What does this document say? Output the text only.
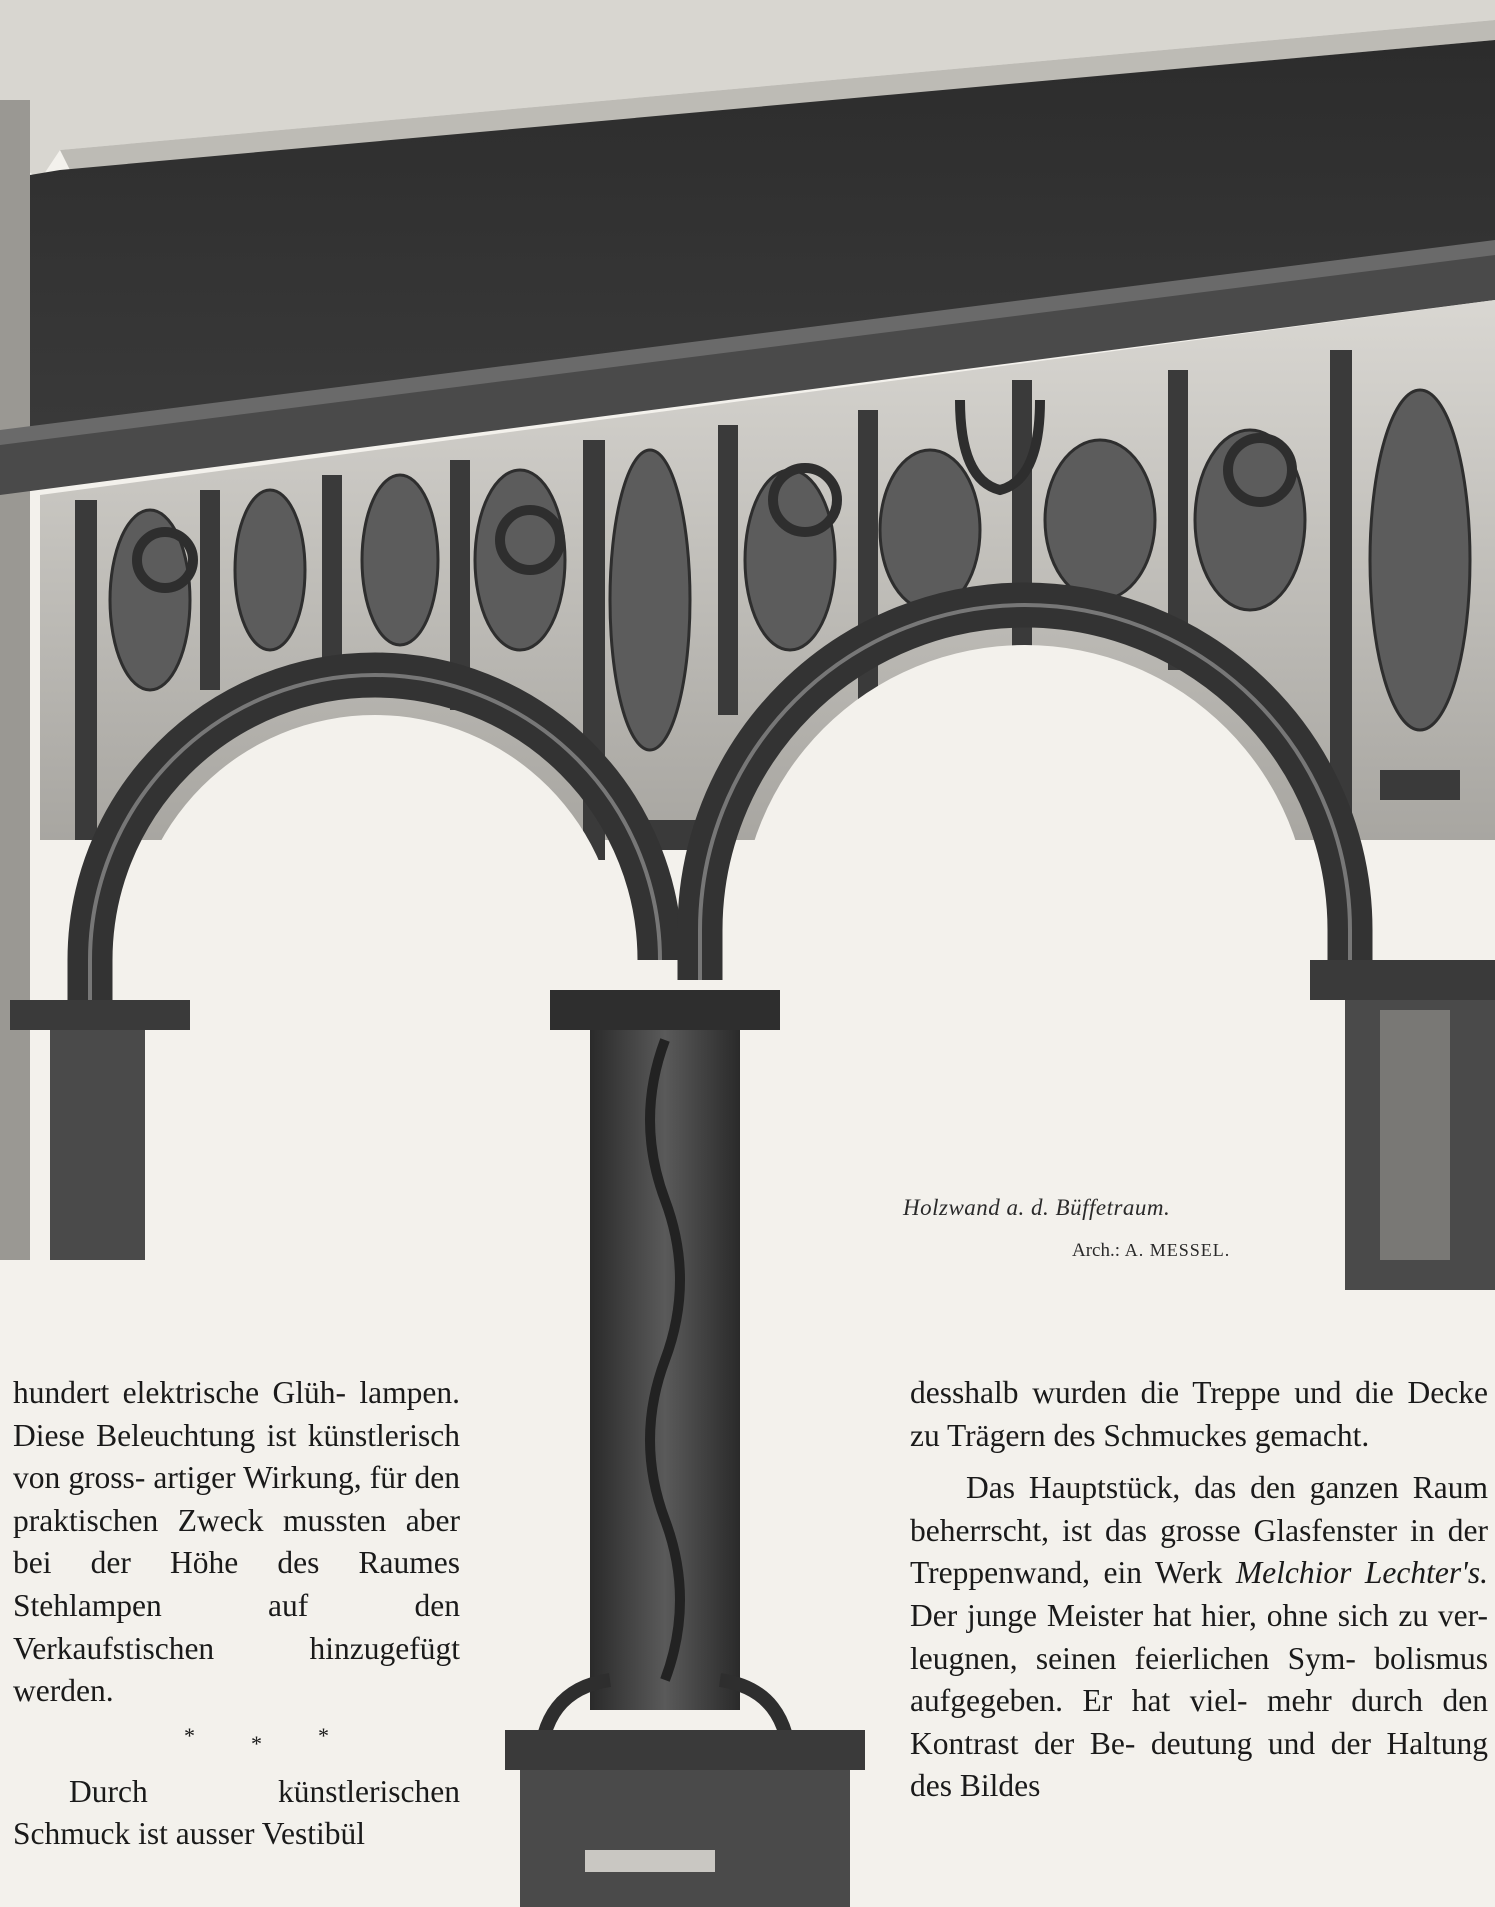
Holzwand a. d. Büffetraum.
Arch.: A. MESSEL.

hundert elektrische Glüh- lampen. Diese Beleuchtung ist künstlerisch von gross- artiger Wirkung, für den praktischen Zweck mussten aber bei der Höhe des Raumes Stehlampen auf den Verkaufstischen hinzugefügt werden.

*	*	*

Durch künstlerischen Schmuck ist ausser Vestibül

desshalb wurden die Treppe und die Decke zu Trägern des Schmuckes gemacht.

Das Hauptstück, das den ganzen Raum beherrscht, ist das grosse Glasfenster in der Treppenwand, ein Werk Melchior Lechter's. Der junge Meister hat hier, ohne sich zu ver- leugnen, seinen feierlichen Sym- bolismus aufgegeben. Er hat viel- mehr durch den Kontrast der Be- deutung und der Haltung des Bildes
